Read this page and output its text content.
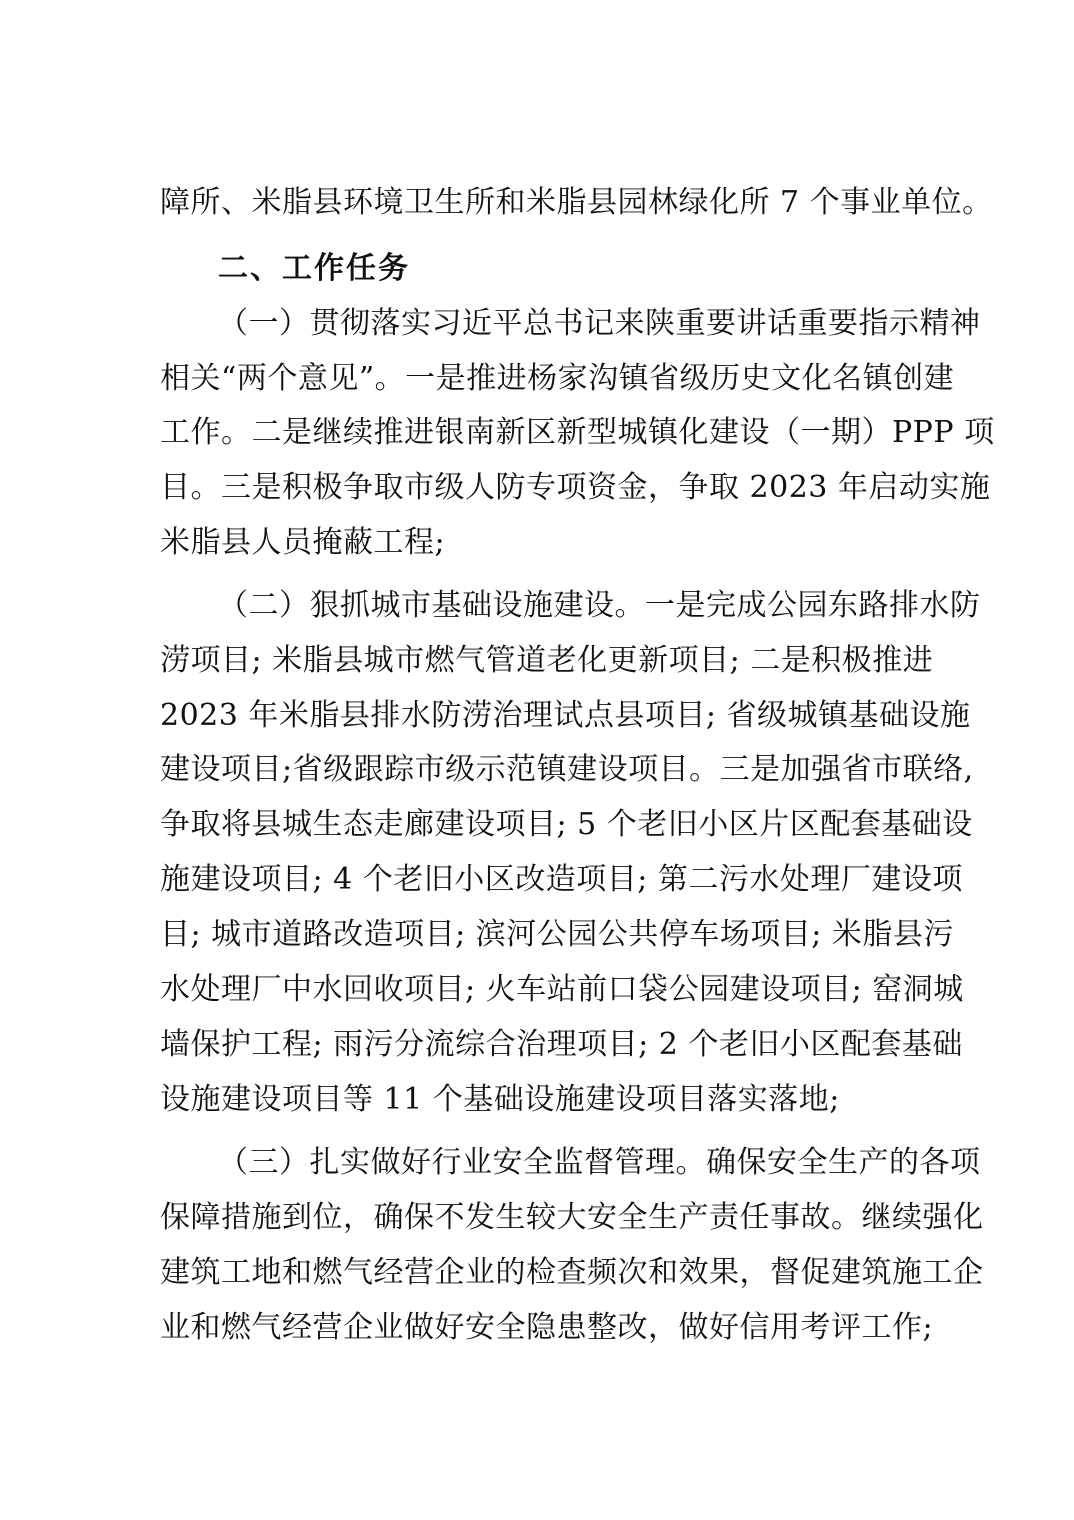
障所、米脂县环境卫生所和米脂县园林绿化所 7 个事业单位。
二、工作任务
（一）贯彻落实习近平总书记来陕重要讲话重要指示精神
相关“两个意见”。一是推进杨家沟镇省级历史文化名镇创建
工作。二是继续推进银南新区新型城镇化建设（一期）PPP 项
目。三是积极争取市级人防专项资金，争取 2023 年启动实施
米脂县人员掩蔽工程;
（二）狠抓城市基础设施建设。一是完成公园东路排水防
涝项目; 米脂县城市燃气管道老化更新项目; 二是积极推进
2023 年米脂县排水防涝治理试点县项目; 省级城镇基础设施
建设项目;省级跟踪市级示范镇建设项目。三是加强省市联络,
争取将县城生态走廊建设项目; 5 个老旧小区片区配套基础设
施建设项目; 4 个老旧小区改造项目; 第二污水处理厂建设项
目; 城市道路改造项目; 滨河公园公共停车场项目; 米脂县污
水处理厂中水回收项目; 火车站前口袋公园建设项目; 窑洞城
墙保护工程; 雨污分流综合治理项目; 2 个老旧小区配套基础
设施建设项目等 11 个基础设施建设项目落实落地;
（三）扎实做好行业安全监督管理。确保安全生产的各项
保障措施到位，确保不发生较大安全生产责任事故。继续强化
建筑工地和燃气经营企业的检查频次和效果，督促建筑施工企
业和燃气经营企业做好安全隐患整改，做好信用考评工作;
